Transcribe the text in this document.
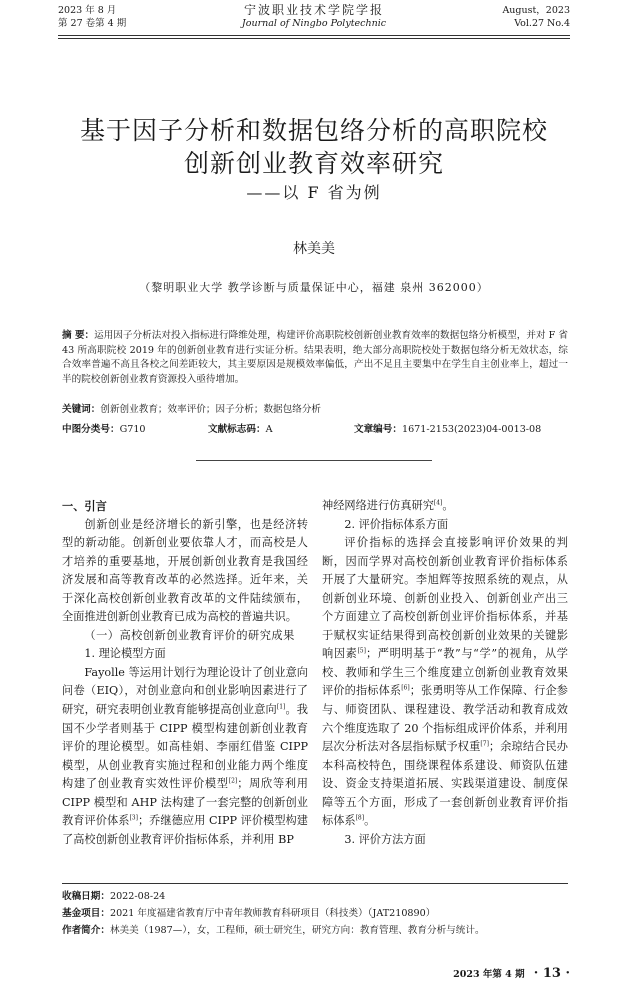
2023 年 8 月
第 27 卷第 4 期
宁波职业技术学院学报
Journal of Ningbo Polytechnic
August，2023
Vol.27 No.4
基于因子分析和数据包络分析的高职院校
创新创业教育效率研究
——以 F 省为例
林美美
（黎明职业大学 教学诊断与质量保证中心，福建 泉州 362000）
摘 要：运用因子分析法对投入指标进行降维处理，构建评价高职院校创新创业教育效率的数据包络分析模型，并对 F 省 43 所高职院校 2019 年的创新创业教育进行实证分析。结果表明，绝大部分高职院校处于数据包络分析无效状态，综合效率普遍不高且各校之间差距较大，其主要原因是规模效率偏低，产出不足且主要集中在学生自主创业率上，超过一半的院校创新创业教育资源投入亟待增加。
关键词：创新创业教育；效率评价；因子分析；数据包络分析
中图分类号：G710	文献标志码：A	文章编号：1671-2153(2023)04-0013-08

一、引言

创新创业是经济增长的新引擎，也是经济转型的新动能。创新创业要依靠人才，而高校是人才培养的重要基地，开展创新创业教育是我国经济发展和高等教育改革的必然选择。近年来，关于深化高校创新创业教育改革的文件陆续颁布，全面推进创新创业教育已成为高校的普遍共识。

（一）高校创新创业教育评价的研究成果

1. 理论模型方面

Fayolle 等运用计划行为理论设计了创业意向问卷（EIQ），对创业意向和创业影响因素进行了研究，研究表明创业教育能够提高创业意向[1]。我国不少学者则基于 CIPP 模型构建创新创业教育评价的理论模型。如高桂娟、李丽红借鉴 CIPP 模型，从创业教育实施过程和创业能力两个维度构建了创业教育实效性评价模型[2]；周欣等利用 CIPP 模型和 AHP 法构建了一套完整的创新创业教育评价体系[3]；乔继德应用 CIPP 评价模型构建了高校创新创业教育评价指标体系，并利用 BP

神经网络进行仿真研究[4]。

2. 评价指标体系方面

评价指标的选择会直接影响评价效果的判断，因而学界对高校创新创业教育评价指标体系开展了大量研究。李旭辉等按照系统的观点，从创新创业环境、创新创业投入、创新创业产出三个方面建立了高校创新创业评价指标体系，并基于赋权实证结果得到高校创新创业效果的关键影响因素[5]；严明明基于“教”与“学”的视角，从学校、教师和学生三个维度建立创新创业教育效果评价的指标体系[6]；张勇明等从工作保障、行企参与、师资团队、课程建设、教学活动和教育成效六个维度选取了 20 个指标组成评价体系，并利用层次分析法对各层指标赋予权重[7]；余琼结合民办本科高校特色，围绕课程体系建设、师资队伍建设、资金支持渠道拓展、实践渠道建设、制度保障等五个方面，形成了一套创新创业教育评价指标体系[8]。

3. 评价方法方面

收稿日期：2022-08-24
基金项目：2021 年度福建省教育厅中青年教师教育科研项目（科技类）（JAT210890）
作者简介：林美美（1987—），女，工程师，硕士研究生，研究方向：教育管理、教育分析与统计。
2023 年第 4 期 · 13 ·
